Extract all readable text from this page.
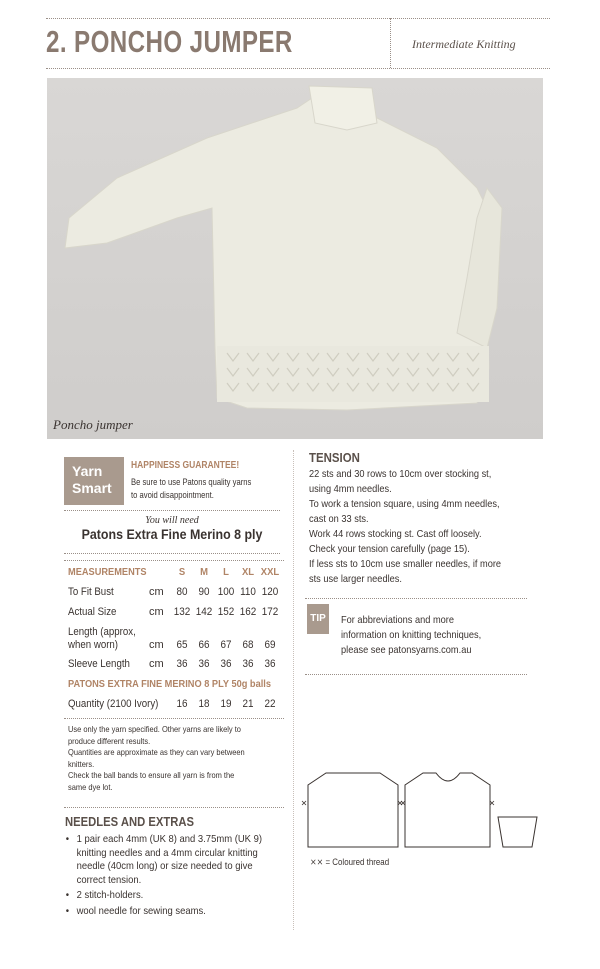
2. PONCHO JUMPER	Intermediate Knitting
Poncho jumper
Yarn
Smart
HAPPINESS GUARANTEE!
Be sure to use Patons quality yarns to avoid disappointment.
You will need
Patons Extra Fine Merino 8 ply
MEASUREMENTS	S	M	L	XL XXL
To Fit Bust	cm	80 90 100 110 120
Actual Size	cm 132 142 152 162 172
Length (approx,
when worn)	cm	65 66 67 68 69
Sleeve Length cm	36 36 36 36 36
PATONS EXTRA FINE MERINO 8 PLY 50g balls
Quantity (2100 Ivory)	16 18 19 21 22
Use only the yarn specified. Other yarns are likely to produce different results.
Quantities are approximate as they can vary between knitters.
Check the ball bands to ensure all yarn is from the same dye lot.
NEEDLES AND EXTRAS
• 1 pair each 4mm (UK 8) and 3.75mm (UK 9) knitting needles and a 4mm circular knitting needle (40cm long) or size needed to give correct tension.
• 2 stitch-holders.
• wool needle for sewing seams.
TENSION
22 sts and 30 rows to 10cm over stocking st,
using 4mm needles.
To work a tension square, using 4mm needles,
cast on 33 sts.
Work 44 rows stocking st. Cast off loosely.
Check your tension carefully (page 15).
If less sts to 10cm use smaller needles, if more
sts use larger needles.
TIP	For abbreviations and more
information on knitting techniques,
please see patonsyarns.com.au
⨯⨯ = Coloured thread
